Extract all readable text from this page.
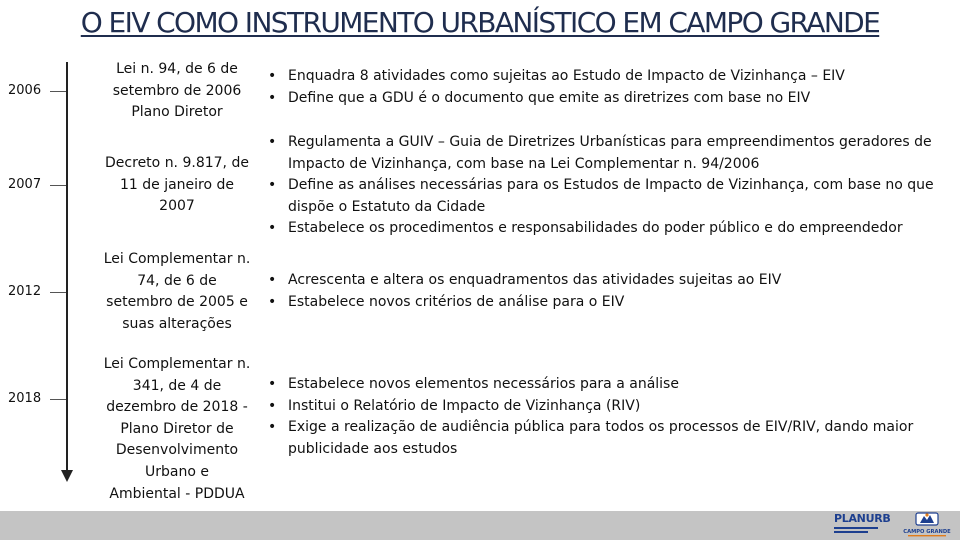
O EIV COMO INSTRUMENTO URBANÍSTICO EM CAMPO GRANDE
2006
Lei n. 94, de 6 de
setembro de 2006
Plano Diretor
• Enquadra 8 atividades como sujeitas ao Estudo de Impacto de Vizinhança – EIV
• Define que a GDU é o documento que emite as diretrizes com base no EIV
2007
Decreto n. 9.817, de
11 de janeiro de
2007
• Regulamenta a GUIV – Guia de Diretrizes Urbanísticas para empreendimentos geradores de Impacto de Vizinhança, com base na Lei Complementar n. 94/2006
• Define as análises necessárias para os Estudos de Impacto de Vizinhança, com base no que dispõe o Estatuto da Cidade
• Estabelece os procedimentos e responsabilidades do poder público e do empreendedor
2012
Lei Complementar n.
74, de 6 de
setembro de 2005 e
suas alterações
• Acrescenta e altera os enquadramentos das atividades sujeitas ao EIV
• Estabelece novos critérios de análise para o EIV
2018
Lei Complementar n.
341, de 4 de
dezembro de 2018 -
Plano Diretor de
Desenvolvimento
Urbano e
Ambiental - PDDUA
• Estabelece novos elementos necessários para a análise
• Institui o Relatório de Impacto de Vizinhança (RIV)
• Exige a realização de audiência pública para todos os processos de EIV/RIV, dando maior publicidade aos estudos
PLANURB
CAMPO GRANDE
